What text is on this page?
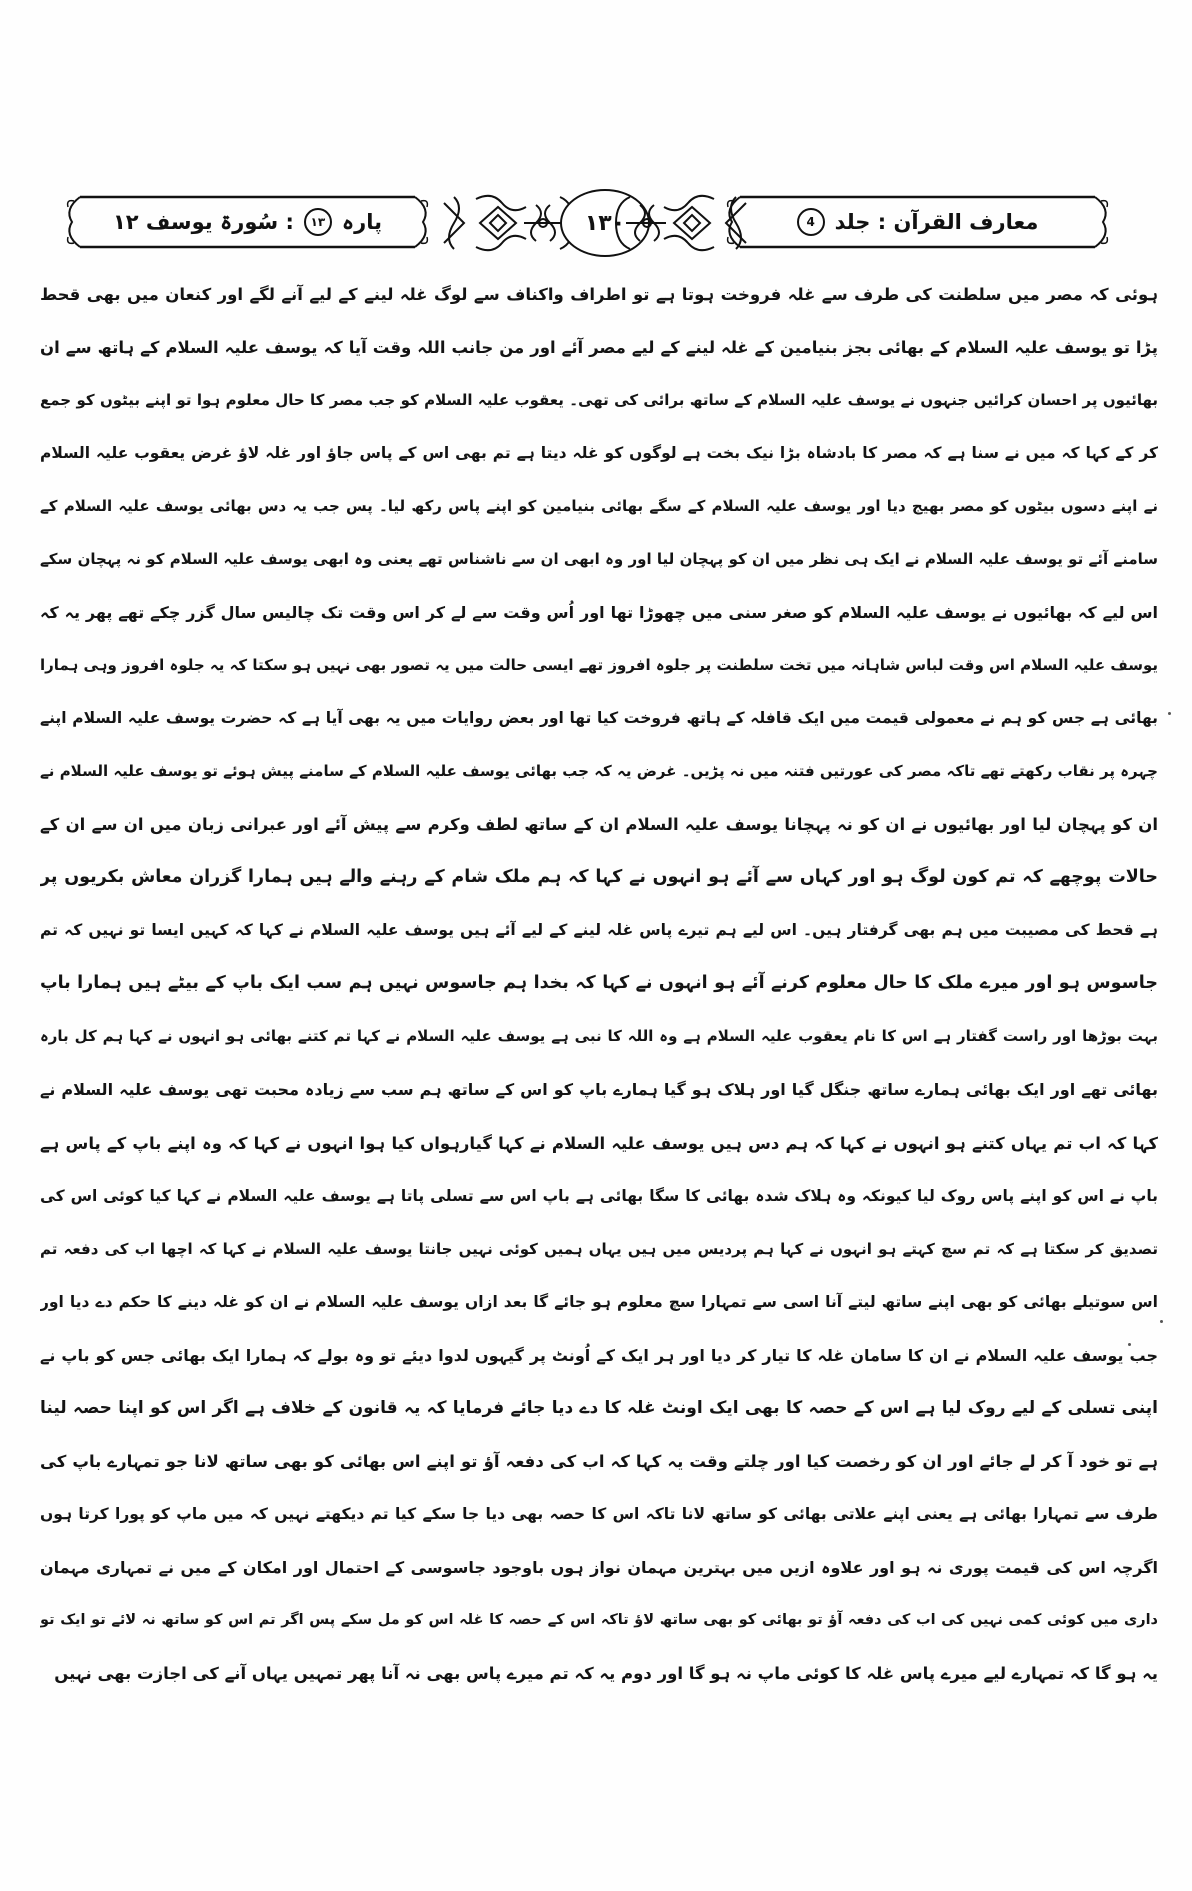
پارہ
۱۳
: سُورۃ یوسف ۱۲	۱۳۰	معارف القرآن : جلد
4
ہوئی کہ مصر میں سلطنت کی طرف سے غلہ فروخت ہوتا ہے تو اطراف واکناف سے لوگ غلہ لینے کے لیے آنے لگے اور کنعان میں بھی قحط
پڑا تو یوسف علیہ السلام کے بھائی بجز بنیامین کے غلہ لینے کے لیے مصر آئے اور من جانب اللہ وقت آیا کہ یوسف علیہ السلام کے ہاتھ سے ان
بھائیوں پر احسان کرائیں جنہوں نے یوسف علیہ السلام کے ساتھ برائی کی تھی۔ یعقوب علیہ السلام کو جب مصر کا حال معلوم ہوا تو اپنے بیٹوں کو جمع
کر کے کہا کہ میں نے سنا ہے کہ مصر کا بادشاہ بڑا نیک بخت ہے لوگوں کو غلہ دیتا ہے تم بھی اس کے پاس جاؤ اور غلہ لاؤ غرض یعقوب علیہ السلام
نے اپنے دسوں بیٹوں کو مصر بھیج دیا اور یوسف علیہ السلام کے سگے بھائی بنیامین کو اپنے پاس رکھ لیا۔ پس جب یہ دس بھائی یوسف علیہ السلام کے
سامنے آئے تو یوسف علیہ السلام نے ایک ہی نظر میں ان کو پہچان لیا اور وہ ابھی ان سے ناشناس تھے یعنی وہ ابھی یوسف علیہ السلام کو نہ پہچان سکے
اس لیے کہ بھائیوں نے یوسف علیہ السلام کو صغر سنی میں چھوڑا تھا اور اُس وقت سے لے کر اس وقت تک چالیس سال گزر چکے تھے پھر یہ کہ
یوسف علیہ السلام اس وقت لباس شاہانہ میں تخت سلطنت پر جلوہ افروز تھے ایسی حالت میں یہ تصور بھی نہیں ہو سکتا کہ یہ جلوہ افروز وہی ہمارا
بھائی ہے جس کو ہم نے معمولی قیمت میں ایک قافلہ کے ہاتھ فروخت کیا تھا اور بعض روایات میں یہ بھی آیا ہے کہ حضرت یوسف علیہ السلام اپنے
چہرہ پر نقاب رکھتے تھے تاکہ مصر کی عورتیں فتنہ میں نہ پڑیں۔ غرض یہ کہ جب بھائی یوسف علیہ السلام کے سامنے پیش ہوئے تو یوسف علیہ السلام نے
ان کو پہچان لیا اور بھائیوں نے ان کو نہ پہچانا یوسف علیہ السلام ان کے ساتھ لطف وکرم سے پیش آئے اور عبرانی زبان میں ان سے ان کے
حالات پوچھے کہ تم کون لوگ ہو اور کہاں سے آئے ہو انہوں نے کہا کہ ہم ملک شام کے رہنے والے ہیں ہمارا گزران معاش بکریوں پر
ہے قحط کی مصیبت میں ہم بھی گرفتار ہیں۔ اس لیے ہم تیرے پاس غلہ لینے کے لیے آئے ہیں یوسف علیہ السلام نے کہا کہ کہیں ایسا تو نہیں کہ تم
جاسوس ہو اور میرے ملک کا حال معلوم کرنے آئے ہو انہوں نے کہا کہ بخدا ہم جاسوس نہیں ہم سب ایک باپ کے بیٹے ہیں ہمارا باپ
بہت بوڑھا اور راست گفتار ہے اس کا نام یعقوب علیہ السلام ہے وہ اللہ کا نبی ہے یوسف علیہ السلام نے کہا تم کتنے بھائی ہو انہوں نے کہا ہم کل بارہ
بھائی تھے اور ایک بھائی ہمارے ساتھ جنگل گیا اور ہلاک ہو گیا ہمارے باپ کو اس کے ساتھ ہم سب سے زیادہ محبت تھی یوسف علیہ السلام نے
کہا کہ اب تم یہاں کتنے ہو انہوں نے کہا کہ ہم دس ہیں یوسف علیہ السلام نے کہا گیارہواں کیا ہوا انہوں نے کہا کہ وہ اپنے باپ کے پاس ہے
باپ نے اس کو اپنے پاس روک لیا کیونکہ وہ ہلاک شدہ بھائی کا سگا بھائی ہے باپ اس سے تسلی پاتا ہے یوسف علیہ السلام نے کہا کیا کوئی اس کی
تصدیق کر سکتا ہے کہ تم سچ کہتے ہو انہوں نے کہا ہم پردیس میں ہیں یہاں ہمیں کوئی نہیں جانتا یوسف علیہ السلام نے کہا کہ اچھا اب کی دفعہ تم
اس سوتیلے بھائی کو بھی اپنے ساتھ لیتے آنا اسی سے تمہارا سچ معلوم ہو جائے گا بعد ازاں یوسف علیہ السلام نے ان کو غلہ دینے کا حکم دے دیا اور
جب یوسف علیہ السلام نے ان کا سامان غلہ کا تیار کر دیا اور ہر ایک کے اُونٹ پر گیہوں لدوا دیئے تو وہ بولے کہ ہمارا ایک بھائی جس کو باپ نے
اپنی تسلی کے لیے روک لیا ہے اس کے حصہ کا بھی ایک اونٹ غلہ کا دے دیا جائے فرمایا کہ یہ قانون کے خلاف ہے اگر اس کو اپنا حصہ لینا
ہے تو خود آ کر لے جائے اور ان کو رخصت کیا اور چلتے وقت یہ کہا کہ اب کی دفعہ آؤ تو اپنے اس بھائی کو بھی ساتھ لانا جو تمہارے باپ کی
طرف سے تمہارا بھائی ہے یعنی اپنے علاتی بھائی کو ساتھ لانا تاکہ اس کا حصہ بھی دیا جا سکے کیا تم دیکھتے نہیں کہ میں ماپ کو پورا کرتا ہوں
اگرچہ اس کی قیمت پوری نہ ہو اور علاوہ ازیں میں بہترین مہمان نواز ہوں باوجود جاسوسی کے احتمال اور امکان کے میں نے تمہاری مہمان
داری میں کوئی کمی نہیں کی اب کی دفعہ آؤ تو بھائی کو بھی ساتھ لاؤ تاکہ اس کے حصہ کا غلہ اس کو مل سکے پس اگر تم اس کو ساتھ نہ لائے تو ایک تو
یہ ہو گا کہ تمہارے لیے میرے پاس غلہ کا کوئی ماپ نہ ہو گا اور دوم یہ کہ تم میرے پاس بھی نہ آنا پھر تمہیں یہاں آنے کی اجازت بھی نہیں
